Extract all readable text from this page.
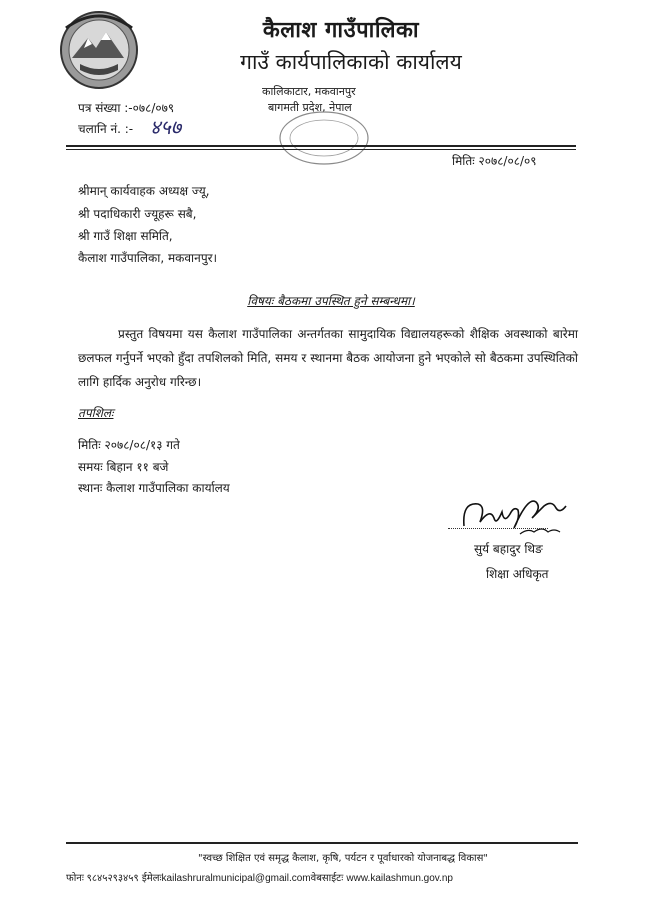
कैलाश गाउँपालिका
गाउँ कार्यपालिकाको कार्यालय
कालिकाटार, मकवानपुर
बागमती प्रदेश, नेपाल
पत्र संख्या :-०७८/०७९
चलानि नं. :- ४५७
मितिः २०७८/०८/०९
श्रीमान् कार्यवाहक अध्यक्ष ज्यू,
श्री पदाधिकारी ज्यूहरू सबै,
श्री गाउँ शिक्षा समिति,
कैलाश गाउँपालिका, मकवानपुर।
विषयः बैठकमा उपस्थित हुने सम्बन्धमा।
प्रस्तुत विषयमा यस कैलाश गाउँपालिका अन्तर्गतका सामुदायिक विद्यालयहरूको शैक्षिक अवस्थाको बारेमा छलफल गर्नुपर्ने भएको हुँदा तपशिलको मिति, समय र स्थानमा बैठक आयोजना हुने भएकोले सो बैठकमा उपस्थितिको लागि हार्दिक अनुरोध गरिन्छ।
तपशिलः
मितिः २०७८/०८/१३ गते
समयः बिहान ११ बजे
स्थानः कैलाश गाउँपालिका कार्यालय
सुर्य बहादुर थिङ
शिक्षा अधिकृत
"स्वच्छ शिक्षित एवं समृद्ध कैलाश, कृषि, पर्यटन र पूर्वाधारको योजनाबद्ध विकास"
फोनः ९८४५२९३४५९ ईमेलःkailashruralmunicipal@gmail.comवेबसाईटः www.kailashmun.gov.np
